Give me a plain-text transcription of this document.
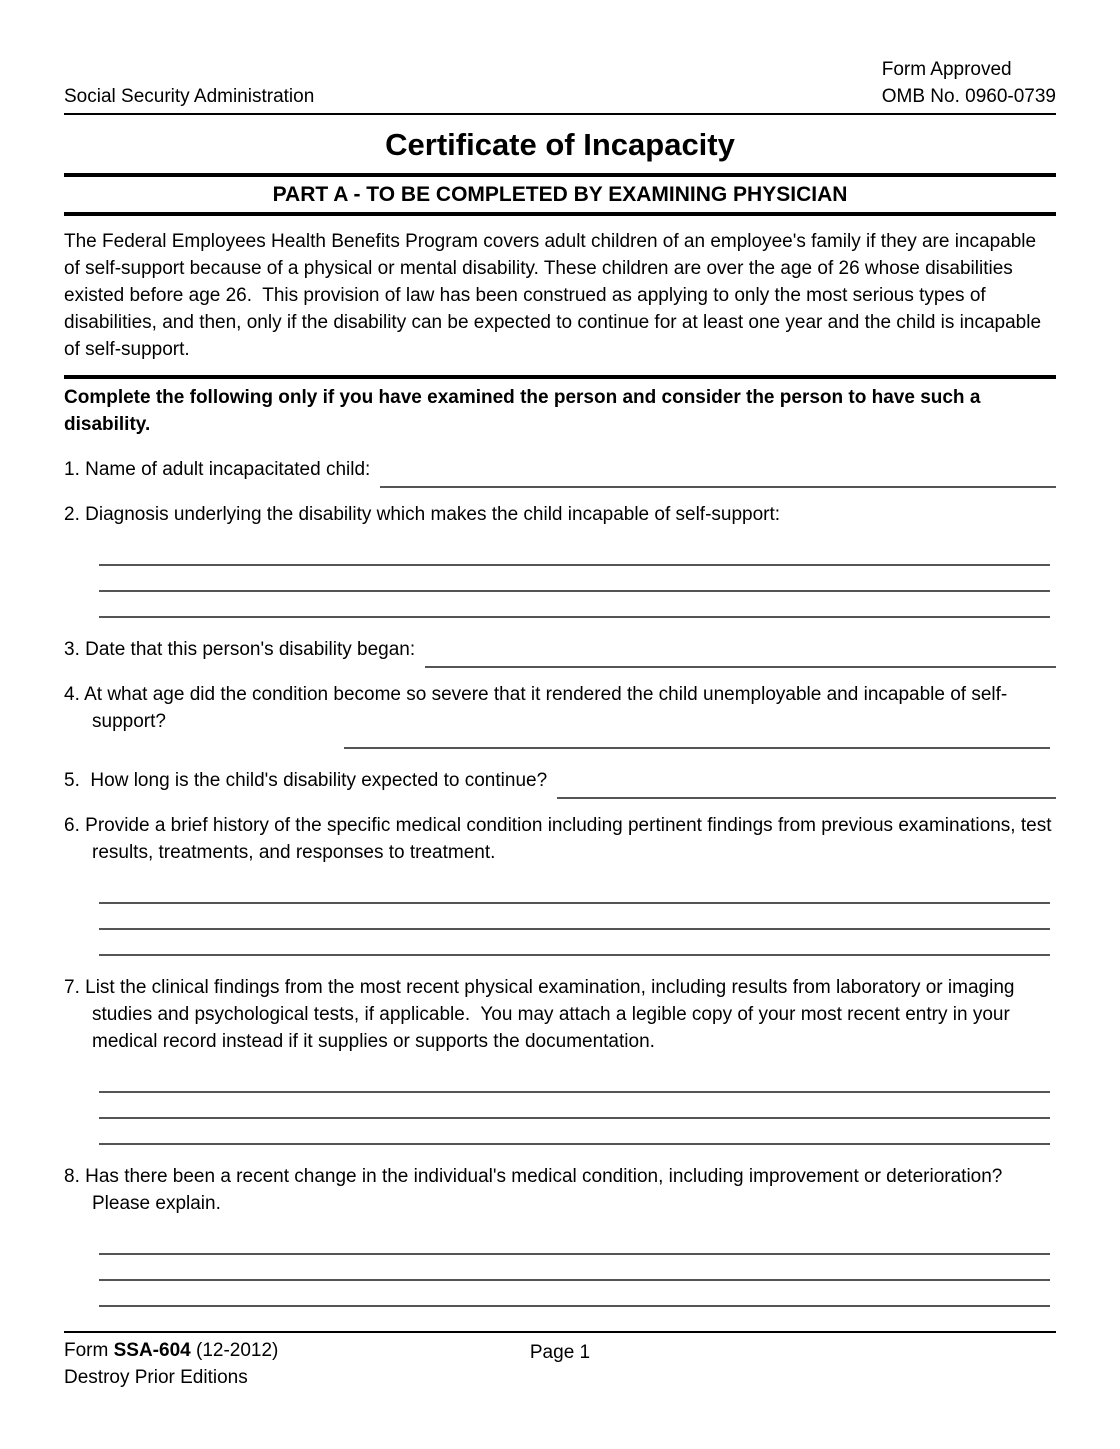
Social Security Administration
Form Approved
OMB No. 0960-0739
Certificate of Incapacity
PART A - TO BE COMPLETED BY EXAMINING PHYSICIAN

The Federal Employees Health Benefits Program covers adult children of an employee's family if they are incapable of self-support because of a physical or mental disability. These children are over the age of 26 whose disabilities existed before age 26.  This provision of law has been construed as applying to only the most serious types of disabilities, and then, only if the disability can be expected to continue for at least one year and the child is incapable of self-support.

Complete the following only if you have examined the person and consider the person to have such a disability.
1. Name of adult incapacitated child:
2. Diagnosis underlying the disability which makes the child incapable of self-support:
3. Date that this person's disability began:
4. At what age did the condition become so severe that it rendered the child unemployable and incapable of self-support?
5.  How long is the child's disability expected to continue?
6. Provide a brief history of the specific medical condition including pertinent findings from previous examinations, test results, treatments, and responses to treatment.
7. List the clinical findings from the most recent physical examination, including results from laboratory or imaging studies and psychological tests, if applicable.  You may attach a legible copy of your most recent entry in your medical record instead if it supplies or supports the documentation.
8. Has there been a recent change in the individual's medical condition, including improvement or deterioration?  Please explain.
Form SSA-604 (12-2012)
Destroy Prior Editions
Page 1
